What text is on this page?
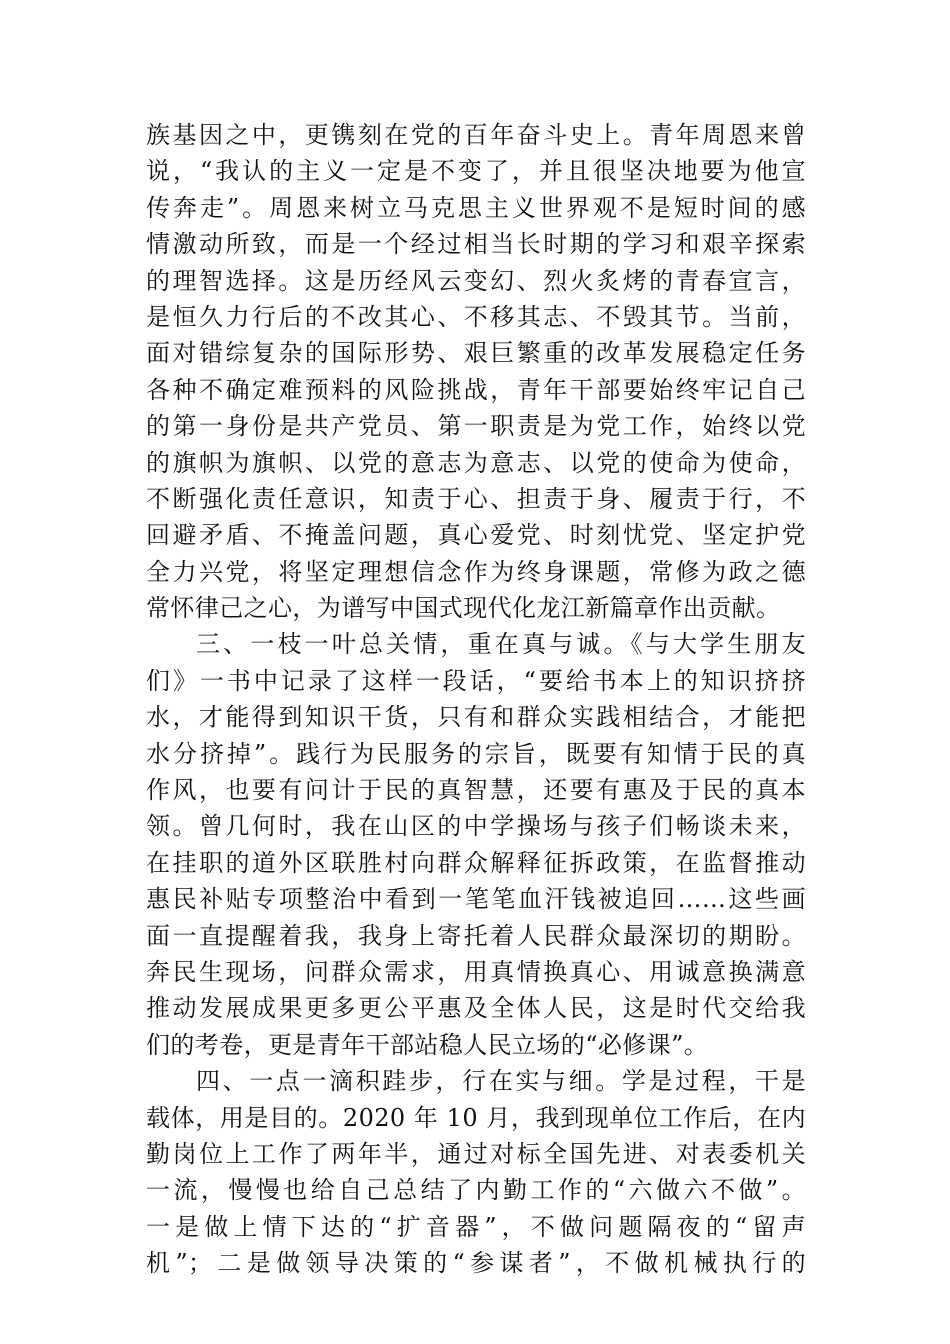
族基因之中，更镌刻在党的百年奋斗史上。青年周恩来曾
说，“我认的主义一定是不变了，并且很坚决地要为他宣
传奔走”。周恩来树立马克思主义世界观不是短时间的感
情激动所致，而是一个经过相当长时期的学习和艰辛探索
的理智选择。这是历经风云变幻、烈火炙烤的青春宣言，
是恒久力行后的不改其心、不移其志、不毁其节。当前，
面对错综复杂的国际形势、艰巨繁重的改革发展稳定任务
各种不确定难预料的风险挑战，青年干部要始终牢记自己
的第一身份是共产党员、第一职责是为党工作，始终以党
的旗帜为旗帜、以党的意志为意志、以党的使命为使命，
不断强化责任意识，知责于心、担责于身、履责于行，不
回避矛盾、不掩盖问题，真心爱党、时刻忧党、坚定护党
全力兴党，将坚定理想信念作为终身课题，常修为政之德
常怀律己之心，为谱写中国式现代化龙江新篇章作出贡献。
三、一枝一叶总关情，重在真与诚。《与大学生朋友
们》一书中记录了这样一段话，“要给书本上的知识挤挤
水，才能得到知识干货，只有和群众实践相结合，才能把
水分挤掉”。践行为民服务的宗旨，既要有知情于民的真
作风，也要有问计于民的真智慧，还要有惠及于民的真本
领。曾几何时，我在山区的中学操场与孩子们畅谈未来，
在挂职的道外区联胜村向群众解释征拆政策，在监督推动
惠民补贴专项整治中看到一笔笔血汗钱被追回……这些画
面一直提醒着我，我身上寄托着人民群众最深切的期盼。
奔民生现场，问群众需求，用真情换真心、用诚意换满意
推动发展成果更多更公平惠及全体人民，这是时代交给我
们的考卷，更是青年干部站稳人民立场的“必修课”。
四、一点一滴积跬步，行在实与细。学是过程，干是
载体，用是目的。2020 年 10 月，我到现单位工作后，在内
勤岗位上工作了两年半，通过对标全国先进、对表委机关
一流，慢慢也给自己总结了内勤工作的“六做六不做”。
一是做上情下达的“扩音器”，不做问题隔夜的“留声
机”；二是做领导决策的“参谋者”，不做机械执行的
